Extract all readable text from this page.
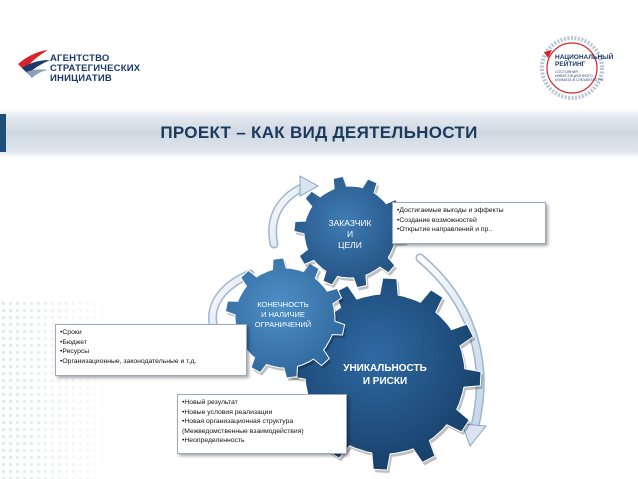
АГЕНТСТВО
СТРАТЕГИЧЕСКИХ
ИНИЦИАТИВ
НАЦИОНАЛЬНЫЙ
РЕЙТИНГ
СОСТОЯНИЯ
ИНВЕСТИЦИОННОГО
КЛИМАТА В СУБЪЕКТАХ РФ
ПРОЕКТ – КАК ВИД ДЕЯТЕЛЬНОСТИ
УНИКАЛЬНОСТЬ
И РИСКИ
КОНЕЧНОСТЬ
И НАЛИЧИЕ
ОГРАНИЧЕНИЙ
ЗАКАЗЧИК
И
ЦЕЛИ
• Достигаемые выгоды и эффекты
• Создание возможностей
• Открытие направлений и пр..
• Сроки
• Бюджет
• Ресурсы
• Организационные, законодательные и т.д.
• Новый результат
• Новые условия реализации
• Новая организационная структура
(Межведомственные взаимодействия)
• Неопределенность
